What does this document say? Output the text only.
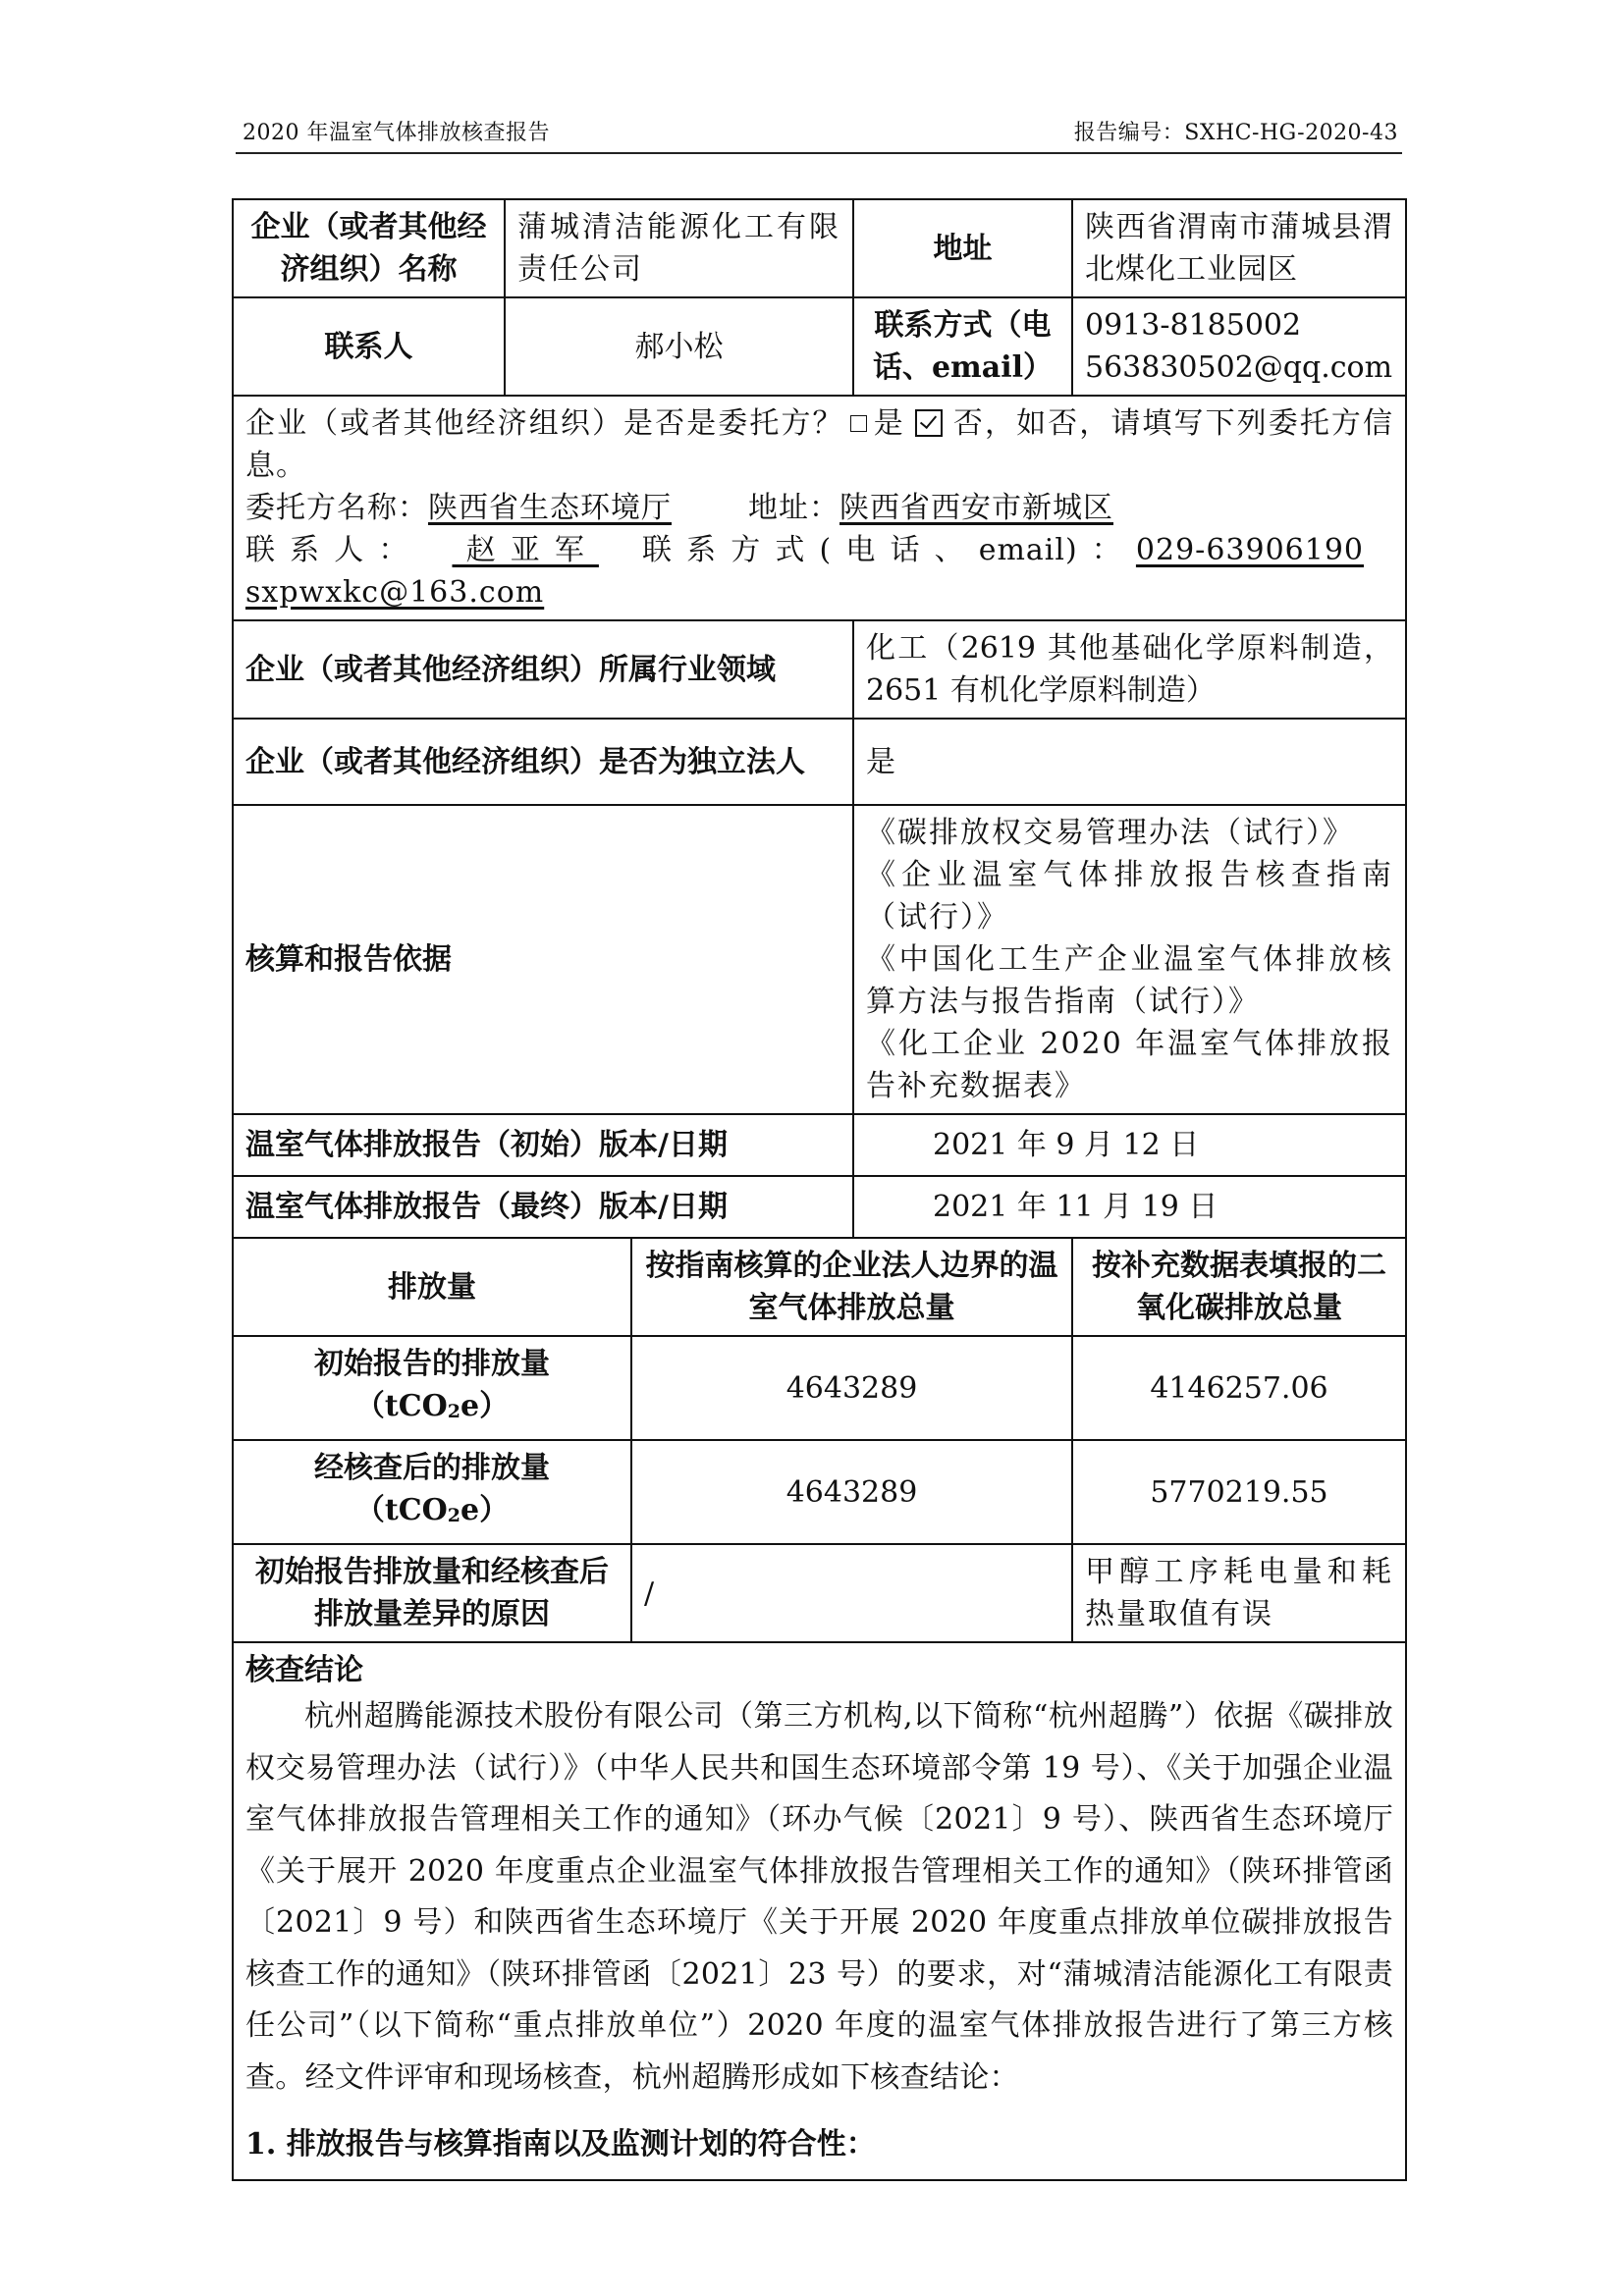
2020 年温室气体排放核查报告	报告编号：SXHC-HG-2020-43
企业（或者其他经济组织）名称	蒲城清洁能源化工有限责任公司		地址	陕西省渭南市蒲城县渭北煤化工业园区
联系人	郝小松		联系方式（电话、email）	0913-8185002
563830502@qq.com

企业（或者其他经济组织）是否是委托方？ 是 否，如否，请填写下列委托方信息。
委托方名称：陕西省生态环境厅 地址：陕西省西安市新城区
联系人： 赵亚军 联系方式(电话、email)：029-63906190sxpwxkc@163.com				

企业（或者其他经济组织）所属行业领域			化工（2619 其他基础化学原料制造，2651 有机化学原料制造）	
企业（或者其他经济组织）是否为独立法人			是	
核算和报告依据			《碳排放权交易管理办法（试行）》
《企业温室气体排放报告核查指南（试行）》
《中国化工生产企业温室气体排放核算方法与报告指南（试行）》
《化工企业 2020 年温室气体排放报告补充数据表》	

温室气体排放报告（初始）版本/日期			2021 年 9 月 12 日	
温室气体排放报告（最终）版本/日期			2021 年 11 月 19 日	
排放量		按指南核算的企业法人边界的温室气体排放总量		按补充数据表填报的二氧化碳排放总量

初始报告的排放量
（tCO2e）		4643289		4146257.06

经核查后的排放量
（tCO2e）		4643289		5770219.55
初始报告排放量和经核查后排放量差异的原因		/		甲醇工序耗电量和耗热量取值有误

核查结论
杭州超腾能源技术股份有限公司（第三方机构,以下简称“杭州超腾”）依据《碳排放权交易管理办法（试行）》（中华人民共和国生态环境部令第 19 号）、《关于加强企业温室气体排放报告管理相关工作的通知》（环办气候〔2021〕9 号）、陕西省生态环境厅《关于展开 2020 年度重点企业温室气体排放报告管理相关工作的通知》（陕环排管函〔2021〕9 号）和陕西省生态环境厅《关于开展 2020 年度重点排放单位碳排放报告核查工作的通知》（陕环排管函〔2021〕23 号）的要求，对“蒲城清洁能源化工有限责任公司”（以下简称“重点排放单位”）2020 年度的温室气体排放报告进行了第三方核查。经文件评审和现场核查，杭州超腾形成如下核查结论：
1. 排放报告与核算指南以及监测计划的符合性：				
